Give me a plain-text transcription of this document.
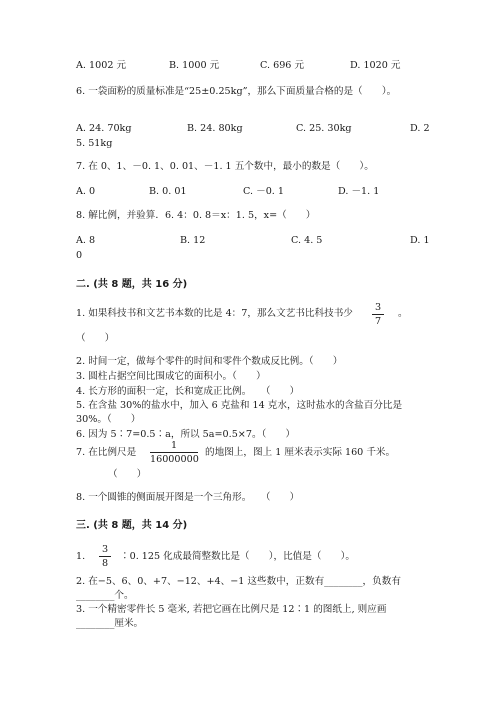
A. 1002 元	B. 1000 元	C. 696 元	D. 1020 元
6. 一袋面粉的质量标准是“25±0.25kg”，那么下面质量合格的是（　　）。
A. 24. 70kg	B. 24. 80kg	C. 25. 30kg	D. 2
5. 51kg
7. 在 0、1、－0. 1、0. 01、－1. 1 五个数中，最小的数是（　　）。
A. 0	B. 0. 01	C. －0. 1	D. －1. 1
8. 解比例，并验算．6. 4：0. 8＝x：1. 5，x=（　　）
A. 8	B. 12	C. 4. 5	D. 1
0
二. (共 8 题，共 16 分)
1. 如果科技书和文艺书本数的比是 4：7，那么文艺书比科技书少
3
7
。
（　　）
2. 时间一定，做每个零件的时间和零件个数成反比例。（　　）
3. 圆柱占据空间比围成它的面积小。（　　）
4. 长方形的面积一定，长和宽成正比例。　　（　　）
5. 在含盐 30%的盐水中，加入 6 克盐和 14 克水，这时盐水的含盐百分比是
30%。（　　）
6. 因为 5∶7=0.5∶a，所以 5a=0.5×7。（　　）
7. 在比例尺是
1
16000000
的地图上，图上 1 厘米表示实际 160 千米。
（　　）
8. 一个圆锥的侧面展开图是一个三角形。　　（　　）
三. (共 8 题，共 14 分)
1.
3
8
∶0. 125 化成最简整数比是（　　），比值是（　　）。
2. 在−5、6、0、+7、−12、+4、−1 这些数中，正数有________，负数有
________个。
3. 一个精密零件长 5 毫米, 若把它画在比例尺是 12∶1 的图纸上, 则应画
________厘米。
